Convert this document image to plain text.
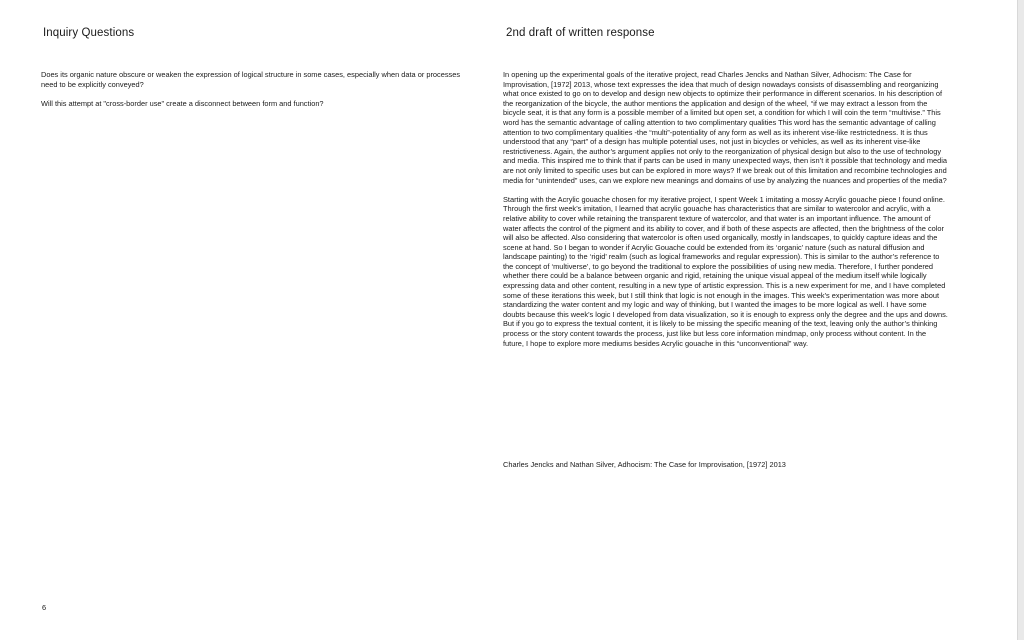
Inquiry Questions

Does its organic nature obscure or weaken the expression of logical structure in some cases, especially when data or processes need to be explicitly conveyed?

Will this attempt at "cross-border use" create a disconnect between form and function?

2nd draft of written response

In opening up the experimental goals of the iterative project, read Charles Jencks and Nathan Silver, Adhocism: The Case for Improvisation, [1972] 2013, whose text expresses the idea that much of design nowadays consists of disassembling and reorganizing what once existed to go on to develop and design new objects to optimize their performance in different scenarios. In his description of the reorganization of the bicycle, the author mentions the application and design of the wheel, “if we may extract a lesson from the bicycle seat, it is that any form is a possible member of a limited but open set, a condition for which I will coin the term “multivise.” This word has the semantic advantage of calling attention to two complimentary qualities This word has the semantic advantage of calling attention to two complimentary qualities -the “multi”-potentiality of any form as well as its inherent vise-like restrictedness. It is thus understood that any “part” of a design has multiple potential uses, not just in bicycles or vehicles, as well as its inherent vise-like restrictiveness. Again, the author’s argument applies not only to the reorganization of physical design but also to the use of technology and media. This inspired me to think that if parts can be used in many unexpected ways, then isn’t it possible that technology and media are not only limited to specific uses but can be explored in more ways? If we break out of this limitation and recombine technologies and media for “unintended” uses, can we explore new meanings and domains of use by analyzing the nuances and properties of the media?

Starting with the Acrylic gouache chosen for my iterative project, I spent Week 1 imitating a mossy Acrylic gouache piece I found online. Through the first week’s imitation, I learned that acrylic gouache has characteristics that are similar to watercolor and acrylic, with a relative ability to cover while retaining the transparent texture of watercolor, and that water is an important influence. The amount of water affects the control of the pigment and its ability to cover, and if both of these aspects are affected, then the brightness of the color will also be affected. Also considering that watercolor is often used organically, mostly in landscapes, to quickly capture ideas and the scene at hand. So I began to wonder if Acrylic Gouache could be extended from its ‘organic’ nature (such as natural diffusion and landscape painting) to the ‘rigid’ realm (such as logical frameworks and regular expression). This is similar to the author’s reference to the concept of ‘multiverse’, to go beyond the traditional to explore the possibilities of using new media. Therefore, I further pondered whether there could be a balance between organic and rigid, retaining the unique visual appeal of the medium itself while logically expressing data and other content, resulting in a new type of artistic expression. This is a new experiment for me, and I have completed some of these iterations this week, but I still think that logic is not enough in the images. This week’s experimentation was more about standardizing the water content and my logic and way of thinking, but I wanted the images to be more logical as well. I have some doubts because this week’s logic I developed from data visualization, so it is enough to express only the degree and the ups and downs. But if you go to express the textual content, it is likely to be missing the specific meaning of the text, leaving only the author’s thinking process or the story content towards the process, just like but less core information mindmap, only process without content. In the future, I hope to explore more mediums besides Acrylic gouache in this “unconventional” way.

Charles Jencks and Nathan Silver, Adhocism: The Case for Improvisation, [1972] 2013

6
